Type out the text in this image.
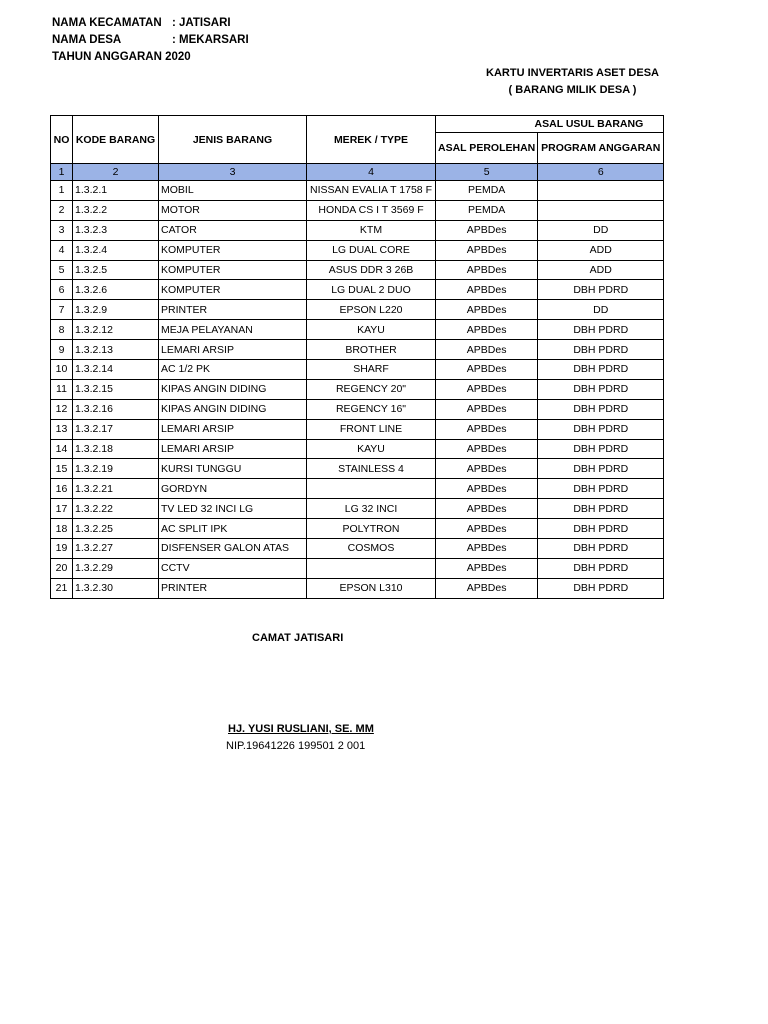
NAMA KECAMATAN : JATISARI
NAMA DESA	: MEKARSARI
TAHUN ANGGARAN 2020
KARTU INVERTARIS ASET DESA
( BARANG MILIK DESA )
NO	KODE BARANG	JENIS BARANG	MEREK / TYPE	ASAL USUL BARANG	
				ASAL PEROLEHAN	PROGRAM ANGGARAN
1	2	3	4	5	6
1	1.3.2.1	MOBIL	NISSAN EVALIA T 1758 F	PEMDA	
2	1.3.2.2	MOTOR	HONDA CS I T 3569 F	PEMDA	
3	1.3.2.3	CATOR	KTM	APBDes	DD
4	1.3.2.4	KOMPUTER	LG DUAL CORE	APBDes	ADD
5	1.3.2.5	KOMPUTER	ASUS DDR 3 26B	APBDes	ADD
6	1.3.2.6	KOMPUTER	LG DUAL 2 DUO	APBDes	DBH PDRD
7	1.3.2.9	PRINTER	EPSON L220	APBDes	DD
8	1.3.2.12	MEJA PELAYANAN	KAYU	APBDes	DBH PDRD
9	1.3.2.13	LEMARI ARSIP	BROTHER	APBDes	DBH PDRD
10	1.3.2.14	AC 1/2 PK	SHARF	APBDes	DBH PDRD
11	1.3.2.15	KIPAS ANGIN DIDING	REGENCY 20"	APBDes	DBH PDRD
12	1.3.2.16	KIPAS ANGIN DIDING	REGENCY 16"	APBDes	DBH PDRD
13	1.3.2.17	LEMARI ARSIP	FRONT LINE	APBDes	DBH PDRD
14	1.3.2.18	LEMARI ARSIP	KAYU	APBDes	DBH PDRD
15	1.3.2.19	KURSI TUNGGU	STAINLESS 4	APBDes	DBH PDRD
16	1.3.2.21	GORDYN		APBDes	DBH PDRD
17	1.3.2.22	TV LED 32 INCI LG	LG 32 INCI	APBDes	DBH PDRD
18	1.3.2.25	AC SPLIT IPK	POLYTRON	APBDes	DBH PDRD
19	1.3.2.27	DISFENSER GALON ATAS	COSMOS	APBDes	DBH PDRD
20	1.3.2.29	CCTV		APBDes	DBH PDRD
21	1.3.2.30	PRINTER	EPSON L310	APBDes	DBH PDRD
CAMAT JATISARI
HJ. YUSI RUSLIANI, SE. MM
NIP.19641226 199501 2 001
